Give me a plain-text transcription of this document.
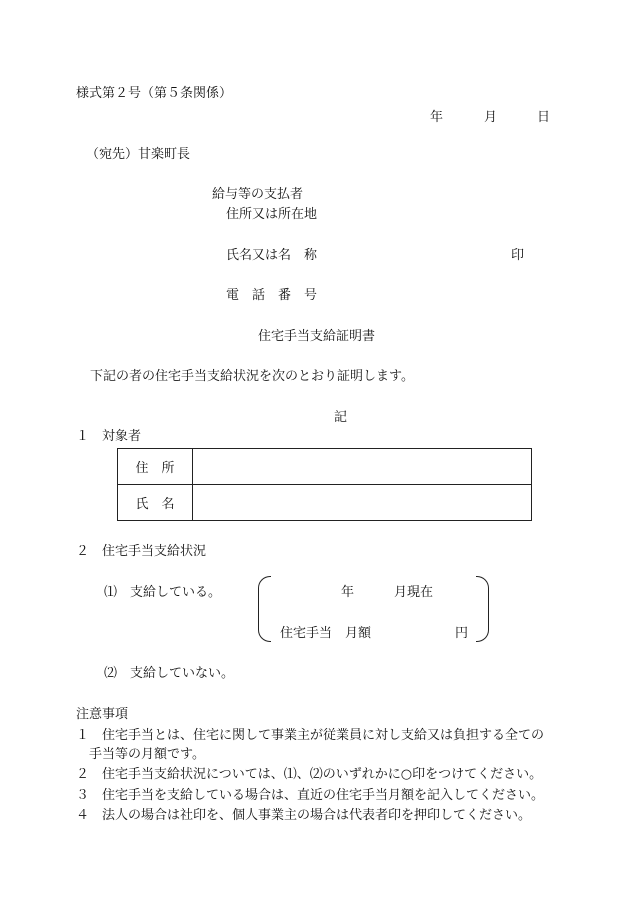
様式第２号（第５条関係）
年	月	日
（宛先）甘楽町長
給与等の支払者
住所又は所在地
氏名又は名　称	印
電　話　番　号
住宅手当支給証明書
下記の者の住宅手当支給状況を次のとおり証明します。
記
１　対象者
住　所	
氏　名	
２　住宅手当支給状況
⑴　支給している。	年	月現在
住宅手当　月額	円
⑵　支給していない。
注意事項
１　住宅手当とは、住宅に関して事業主が従業員に対し支給又は負担する全ての
　手当等の月額です。
２　住宅手当支給状況については、⑴、⑵のいずれかに○印をつけてください。
３　住宅手当を支給している場合は、直近の住宅手当月額を記入してください。
４　法人の場合は社印を、個人事業主の場合は代表者印を押印してください。
